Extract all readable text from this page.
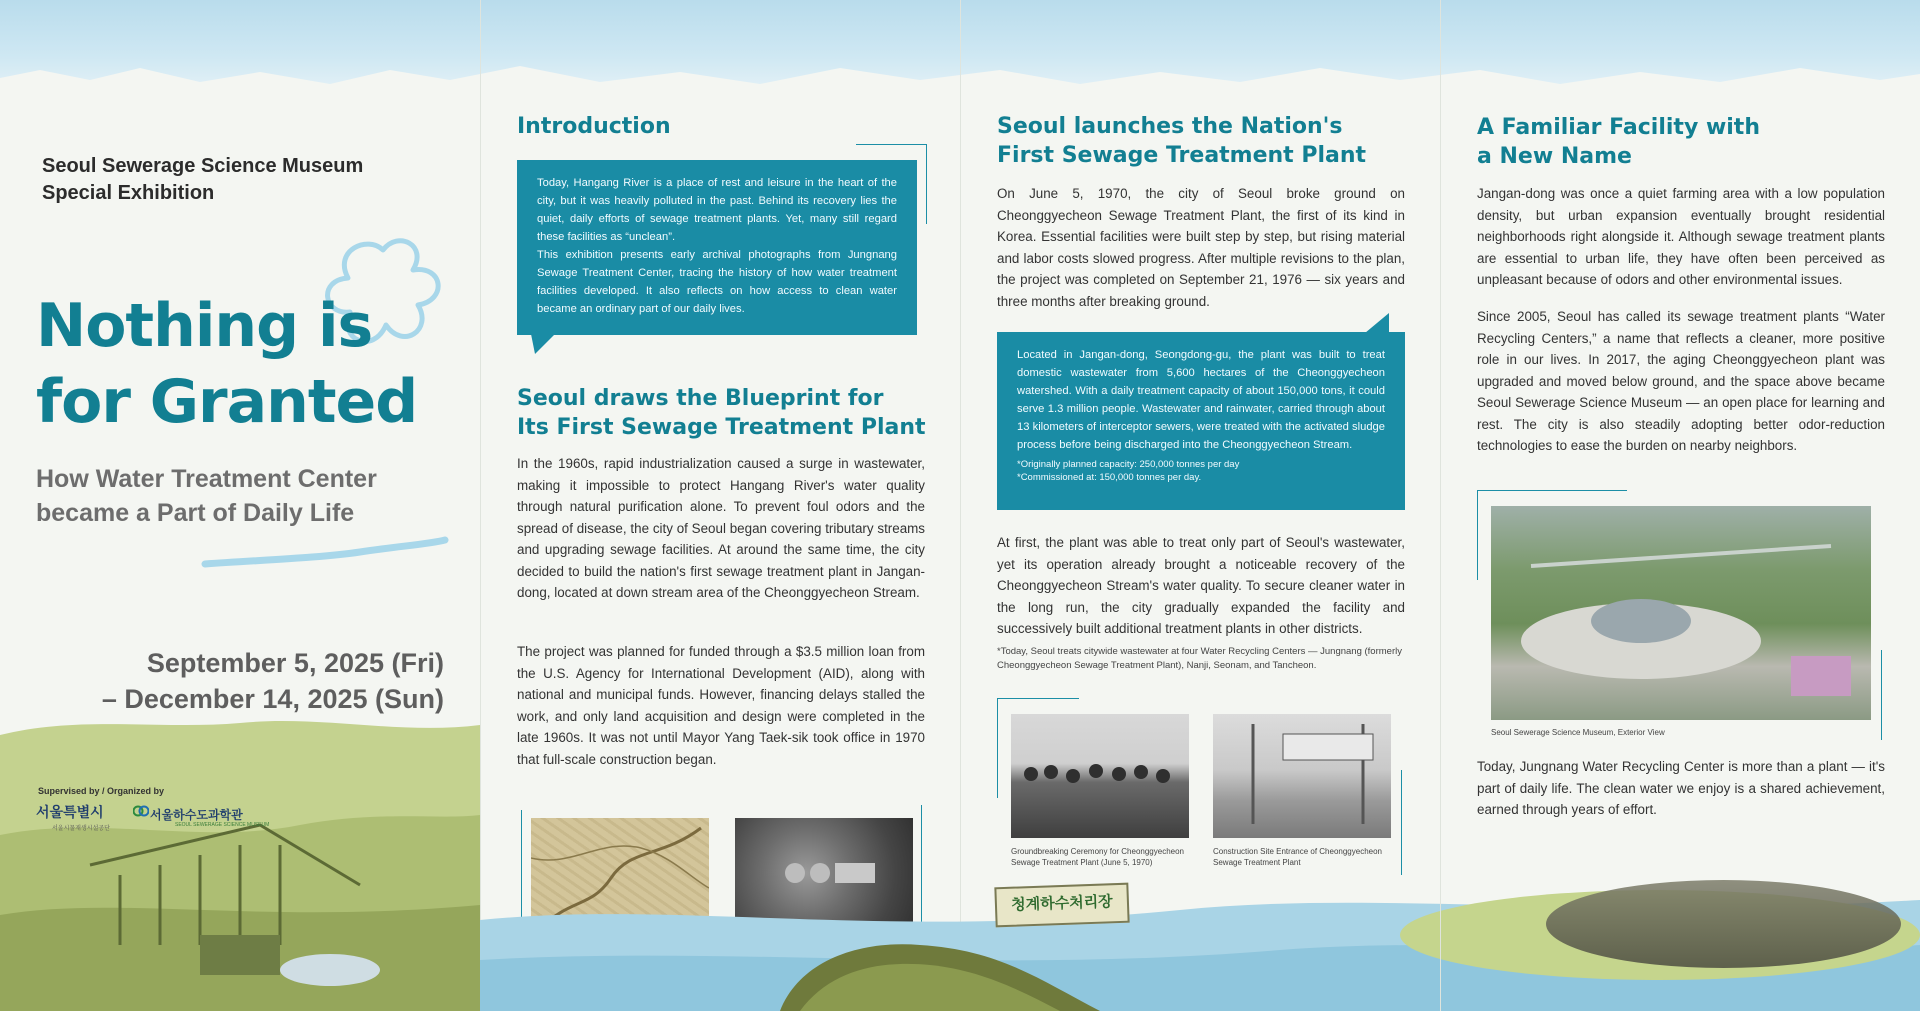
Seoul Sewerage Science Museum
Special Exhibition
Nothing is
for Granted
How Water Treatment Center
became a Part of Daily Life
September 5, 2025 (Fri)
– December 14, 2025 (Sun)
Supervised by / Organized by
서울특별시
서울시물재생시설공단
서울하수도과학관
SEOUL SEWERAGE SCIENCE MUSEUM
Introduction
Today, Hangang River is a place of rest and leisure in the heart of the city, but it was heavily polluted in the past. Behind its recovery lies the quiet, daily efforts of sewage treatment plants. Yet, many still regard these facilities as “unclean”.
This exhibition presents early archival photographs from Jungnang Sewage Treatment Center, tracing the history of how water treatment facilities developed. It also reflects on how access to clean water became an ordinary part of our daily lives.
Seoul draws the Blueprint for
Its First Sewage Treatment Plant
In the 1960s, rapid industrialization caused a surge in wastewater, making it impossible to protect Hangang River's water quality through natural purification alone. To prevent foul odors and the spread of disease, the city of Seoul began covering tributary streams and upgrading sewage facilities. At around the same time, the city decided to build the nation's first sewage treatment plant in Jangan-dong, located at down stream area of the Cheonggyecheon Stream.
The project was planned for funded through a $3.5 million loan from the U.S. Agency for International Development (AID), along with national and municipal funds. However, financing delays stalled the work, and only land acquisition and design were completed in the late 1960s. It was not until Mayor Yang Taek-sik took office in 1970 that full-scale construction began.
Seoul launches the Nation's
First Sewage Treatment Plant
On June 5, 1970, the city of Seoul broke ground on Cheonggyecheon Sewage Treatment Plant, the first of its kind in Korea. Essential facilities were built step by step, but rising material and labor costs slowed progress. After multiple revisions to the plan, the project was completed on September 21, 1976 — six years and three months after breaking ground.
Located in Jangan-dong, Seongdong-gu, the plant was built to treat domestic wastewater from 5,600 hectares of the Cheonggyecheon watershed. With a daily treatment capacity of about 150,000 tons, it could serve 1.3 million people. Wastewater and rainwater, carried through about 13 kilometers of interceptor sewers, were treated with the activated sludge process before being discharged into the Cheonggyecheon Stream.
*Originally planned capacity: 250,000 tonnes per day
*Commissioned at: 150,000 tonnes per day.
At first, the plant was able to treat only part of Seoul's wastewater, yet its operation already brought a noticeable recovery of the Cheonggyecheon Stream's water quality. To secure cleaner water in the long run, the city gradually expanded the facility and successively built additional treatment plants in other districts.
*Today, Seoul treats citywide wastewater at four Water Recycling Centers — Jungnang (formerly Cheonggyecheon Sewage Treatment Plant), Nanji, Seonam, and Tancheon.
Groundbreaking Ceremony for Cheonggyecheon Sewage Treatment Plant (June 5, 1970)
Construction Site Entrance of Cheonggyecheon Sewage Treatment Plant
청계하수처리장
A Familiar Facility with
a New Name
Jangan-dong was once a quiet farming area with a low population density, but urban expansion eventually brought residential neighborhoods right alongside it. Although sewage treatment plants are essential to urban life, they have often been perceived as unpleasant because of odors and other environmental issues.
Since 2005, Seoul has called its sewage treatment plants “Water Recycling Centers,” a name that reflects a cleaner, more positive role in our lives. In 2017, the aging Cheonggyecheon plant was upgraded and moved below ground, and the space above became Seoul Sewerage Science Museum — an open place for learning and rest. The city is also steadily adopting better odor-reduction technologies to ease the burden on nearby neighbors.
Seoul Sewerage Science Museum, Exterior View
Today, Jungnang Water Recycling Center is more than a plant — it's part of daily life. The clean water we enjoy is a shared achievement, earned through years of effort.
